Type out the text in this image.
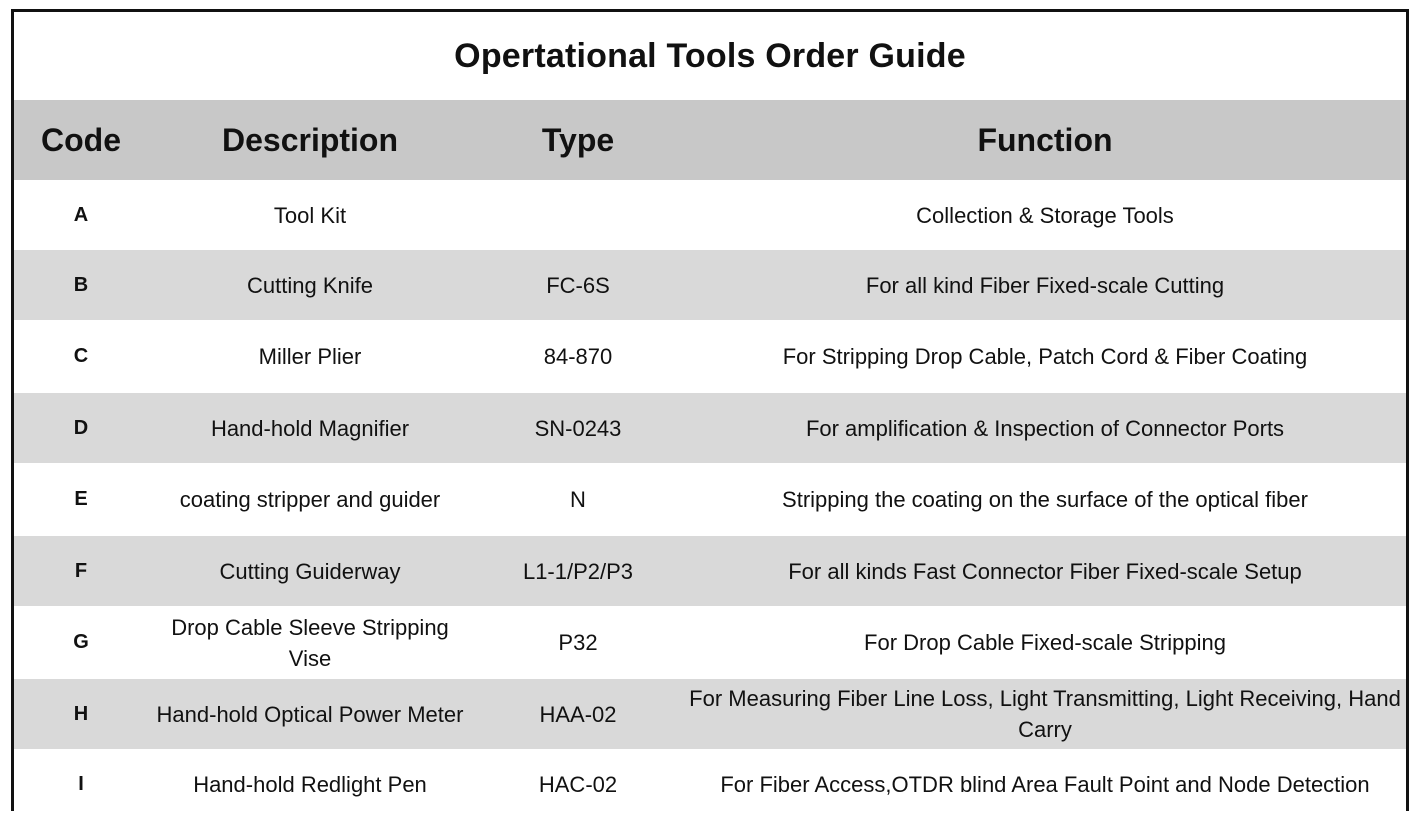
Opertational Tools Order Guide
Code	Description	Type	Function
A	Tool Kit		Collection & Storage Tools
B	Cutting Knife	FC-6S	For all kind Fiber Fixed-scale Cutting
C	Miller Plier	84-870	For Stripping Drop Cable, Patch Cord & Fiber Coating
D	Hand-hold Magnifier	SN-0243	For amplification & Inspection of Connector Ports
E	coating stripper and guider	N	Stripping the coating on the surface of the optical fiber
F	Cutting Guiderway	L1-1/P2/P3	For all kinds Fast Connector Fiber Fixed-scale Setup
G	Drop Cable Sleeve Stripping Vise	P32	For Drop Cable Fixed-scale Stripping
H	Hand-hold Optical Power Meter	HAA-02	For Measuring Fiber Line Loss, Light Transmitting, Light Receiving, Hand Carry
I	Hand-hold Redlight Pen	HAC-02	For Fiber Access,OTDR blind Area Fault Point and Node Detection
